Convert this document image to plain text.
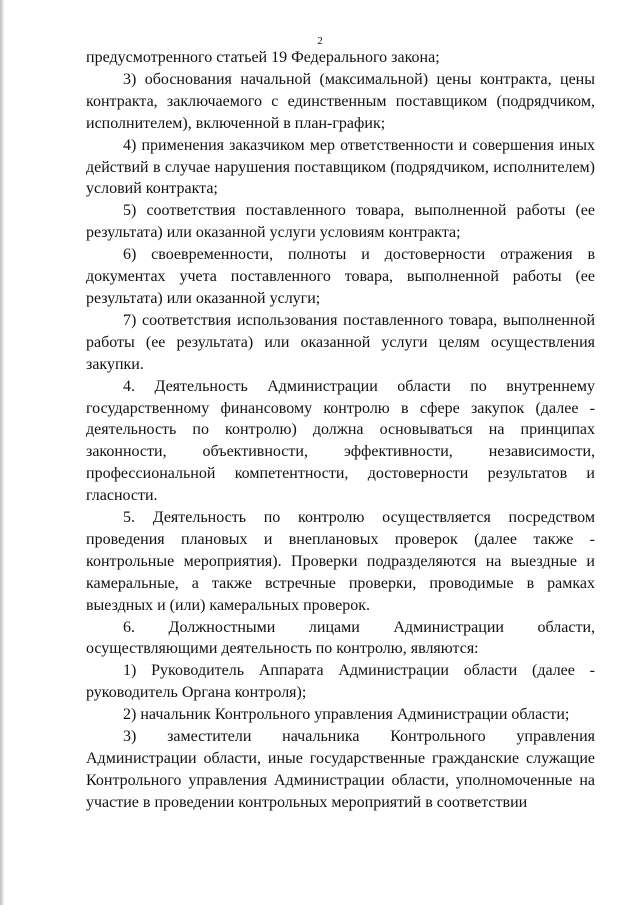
2

предусмотренного статьей 19 Федерального закона;

3) обоснования начальной (максимальной) цены контракта, цены контракта, заключаемого с единственным поставщиком (подрядчиком, исполнителем), включенной в план-график;

4) применения заказчиком мер ответственности и совершения иных действий в случае нарушения поставщиком (подрядчиком, исполнителем) условий контракта;

5) соответствия поставленного товара, выполненной работы (ее результата) или оказанной услуги условиям контракта;

6) своевременности, полноты и достоверности отражения в документах учета поставленного товара, выполненной работы (ее результата) или оказанной услуги;

7) соответствия использования поставленного товара, выполненной работы (ее результата) или оказанной услуги целям осуществления закупки.

4. Деятельность Администрации области по внутреннему государственному финансовому контролю в сфере закупок (далее - деятельность по контролю) должна основываться на принципах законности, объективности, эффективности, независимости, профессиональной компетентности, достоверности результатов и гласности.

5. Деятельность по контролю осуществляется посредством проведения плановых и внеплановых проверок (далее также - контрольные мероприятия). Проверки подразделяются на выездные и камеральные, а также встречные проверки, проводимые в рамках выездных и (или) камеральных проверок.

6. Должностными лицами Администрации области, осуществляющими деятельность по контролю, являются:

1) Руководитель Аппарата Администрации области (далее - руководитель Органа контроля);

2) начальник Контрольного управления Администрации области;

3) заместители начальника Контрольного управления Администрации области, иные государственные гражданские служащие Контрольного управления Администрации области, уполномоченные на участие в проведении контрольных мероприятий в соответствии
